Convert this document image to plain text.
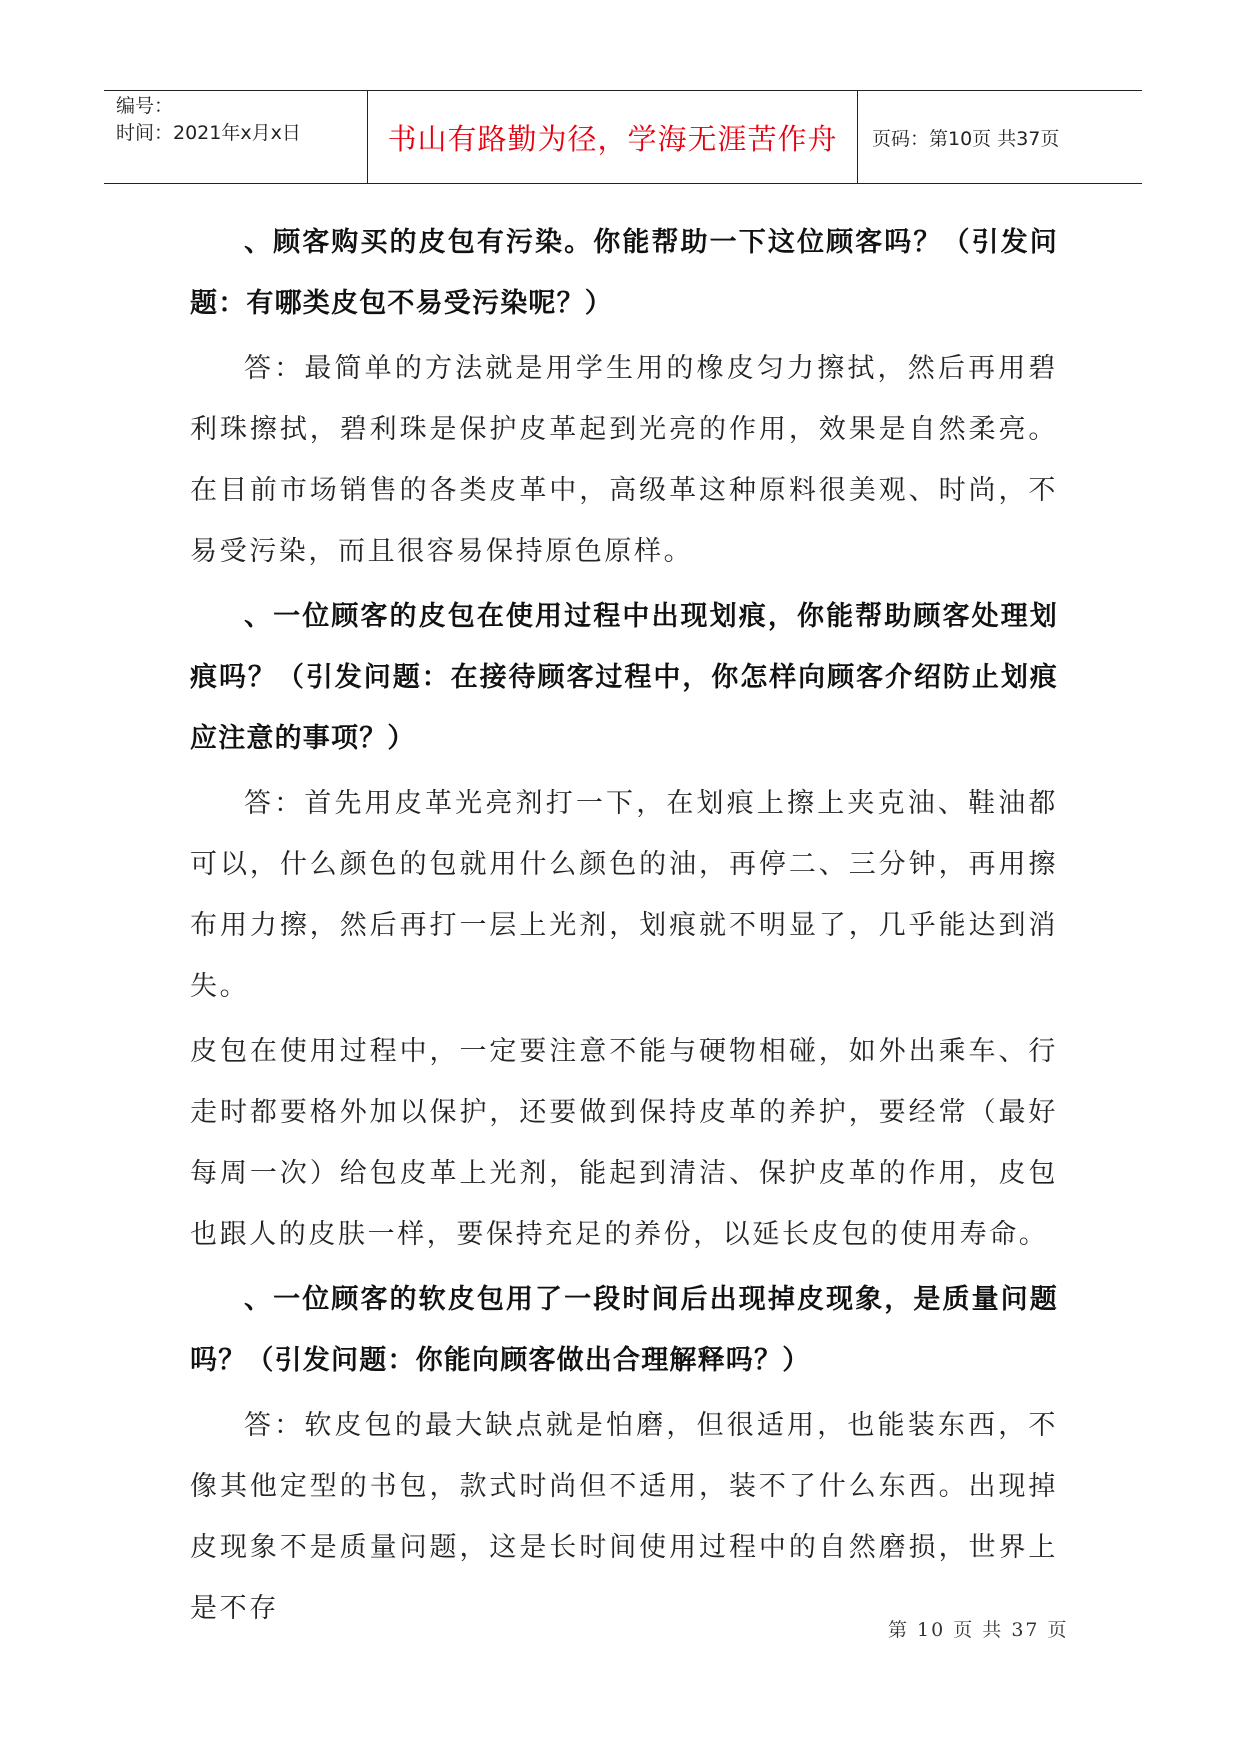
编号：
时间：2021年x月x日	书山有路勤为径，学海无涯苦作舟	页码：第10页 共37页

、顾客购买的皮包有污染。你能帮助一下这位顾客吗？（引发问题：有哪类皮包不易受污染呢？）

答：最简单的方法就是用学生用的橡皮匀力擦拭，然后再用碧利珠擦拭，碧利珠是保护皮革起到光亮的作用，效果是自然柔亮。在目前市场销售的各类皮革中，高级革这种原料很美观、时尚，不易受污染，而且很容易保持原色原样。

、一位顾客的皮包在使用过程中出现划痕，你能帮助顾客处理划痕吗？（引发问题：在接待顾客过程中，你怎样向顾客介绍防止划痕应注意的事项？）

答：首先用皮革光亮剂打一下，在划痕上擦上夹克油、鞋油都可以，什么颜色的包就用什么颜色的油，再停二、三分钟，再用擦布用力擦，然后再打一层上光剂，划痕就不明显了，几乎能达到消失。

皮包在使用过程中，一定要注意不能与硬物相碰，如外出乘车、行走时都要格外加以保护，还要做到保持皮革的养护，要经常（最好每周一次）给包皮革上光剂，能起到清洁、保护皮革的作用，皮包也跟人的皮肤一样，要保持充足的养份，以延长皮包的使用寿命。

、一位顾客的软皮包用了一段时间后出现掉皮现象，是质量问题吗？（引发问题：你能向顾客做出合理解释吗？）

答：软皮包的最大缺点就是怕磨，但很适用，也能装东西，不像其他定型的书包，款式时尚但不适用，装不了什么东西。出现掉皮现象不是质量问题，这是长时间使用过程中的自然磨损，世界上是不存

第 10 页 共 37 页
